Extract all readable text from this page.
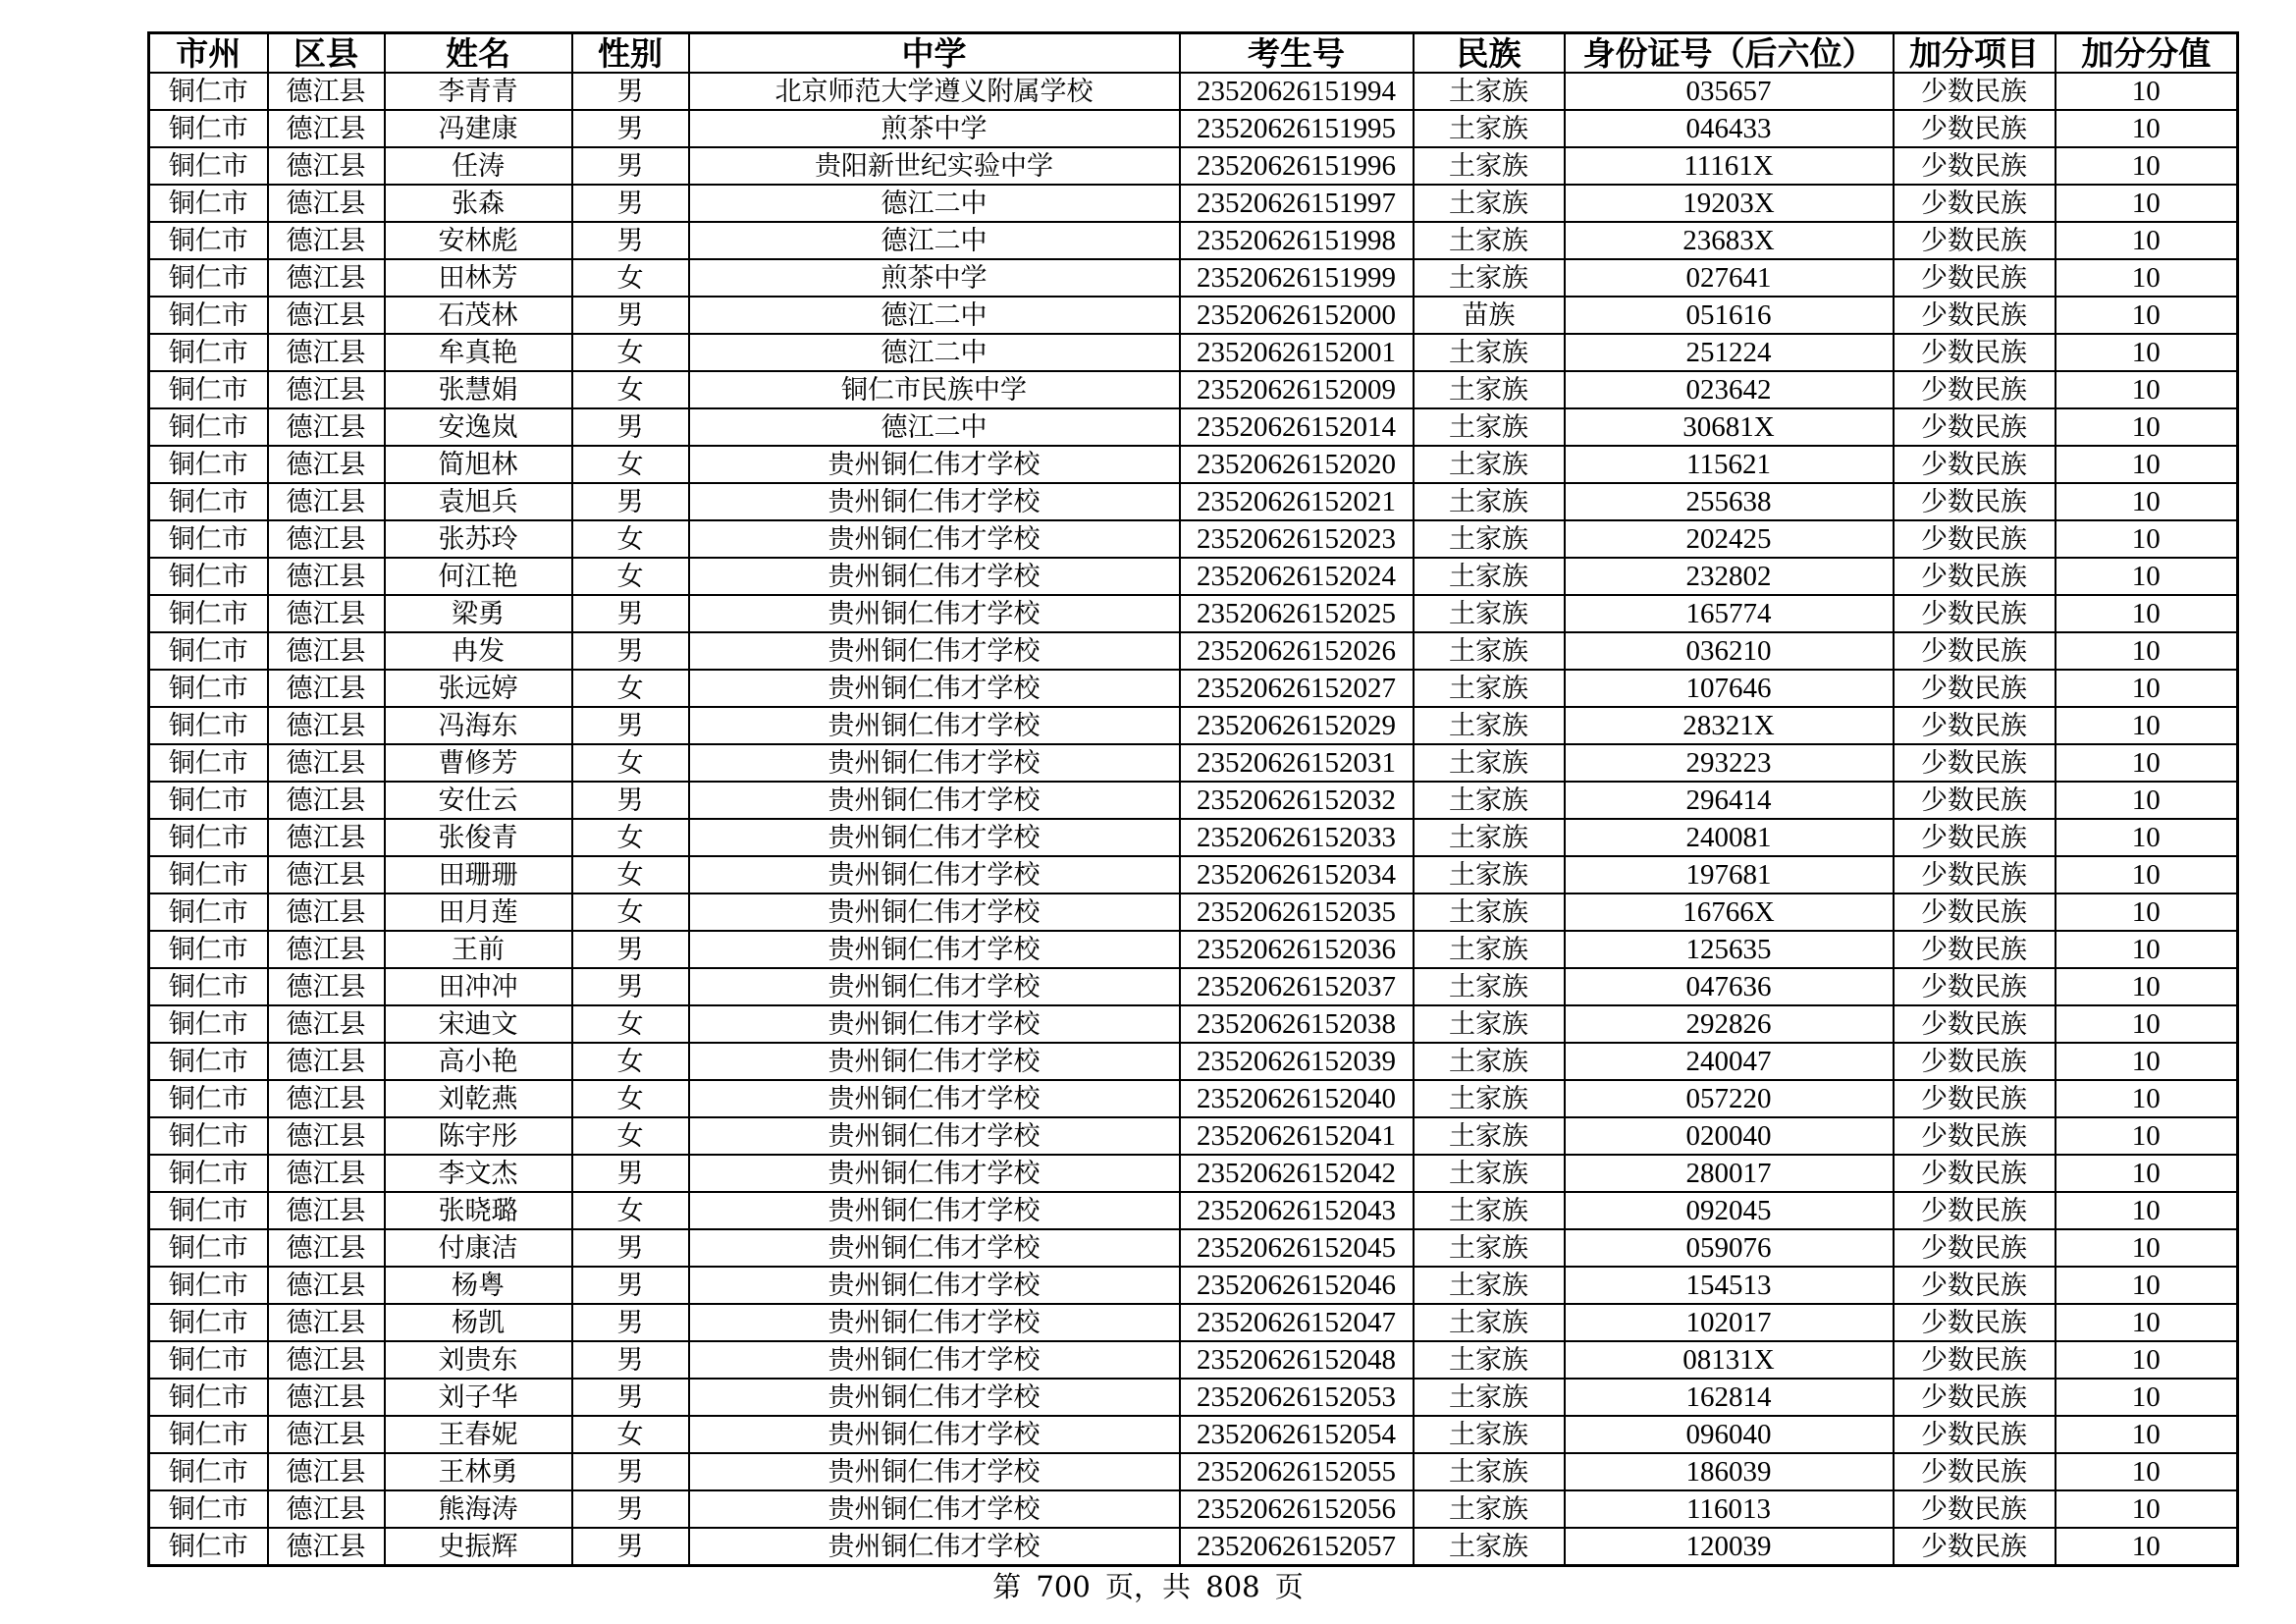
市州	区县	姓名	性别	中学	考生号	民族	身份证号（后六位）	加分项目	加分分值
铜仁市	德江县	李青青	男	北京师范大学遵义附属学校	23520626151994	土家族	035657	少数民族	10
铜仁市	德江县	冯建康	男	煎茶中学	23520626151995	土家族	046433	少数民族	10
铜仁市	德江县	任涛	男	贵阳新世纪实验中学	23520626151996	土家族	11161X	少数民族	10
铜仁市	德江县	张森	男	德江二中	23520626151997	土家族	19203X	少数民族	10
铜仁市	德江县	安林彪	男	德江二中	23520626151998	土家族	23683X	少数民族	10
铜仁市	德江县	田林芳	女	煎茶中学	23520626151999	土家族	027641	少数民族	10
铜仁市	德江县	石茂林	男	德江二中	23520626152000	苗族	051616	少数民族	10
铜仁市	德江县	牟真艳	女	德江二中	23520626152001	土家族	251224	少数民族	10
铜仁市	德江县	张慧娟	女	铜仁市民族中学	23520626152009	土家族	023642	少数民族	10
铜仁市	德江县	安逸岚	男	德江二中	23520626152014	土家族	30681X	少数民族	10
铜仁市	德江县	简旭林	女	贵州铜仁伟才学校	23520626152020	土家族	115621	少数民族	10
铜仁市	德江县	袁旭兵	男	贵州铜仁伟才学校	23520626152021	土家族	255638	少数民族	10
铜仁市	德江县	张苏玲	女	贵州铜仁伟才学校	23520626152023	土家族	202425	少数民族	10
铜仁市	德江县	何江艳	女	贵州铜仁伟才学校	23520626152024	土家族	232802	少数民族	10
铜仁市	德江县	梁勇	男	贵州铜仁伟才学校	23520626152025	土家族	165774	少数民族	10
铜仁市	德江县	冉发	男	贵州铜仁伟才学校	23520626152026	土家族	036210	少数民族	10
铜仁市	德江县	张远婷	女	贵州铜仁伟才学校	23520626152027	土家族	107646	少数民族	10
铜仁市	德江县	冯海东	男	贵州铜仁伟才学校	23520626152029	土家族	28321X	少数民族	10
铜仁市	德江县	曹修芳	女	贵州铜仁伟才学校	23520626152031	土家族	293223	少数民族	10
铜仁市	德江县	安仕云	男	贵州铜仁伟才学校	23520626152032	土家族	296414	少数民族	10
铜仁市	德江县	张俊青	女	贵州铜仁伟才学校	23520626152033	土家族	240081	少数民族	10
铜仁市	德江县	田珊珊	女	贵州铜仁伟才学校	23520626152034	土家族	197681	少数民族	10
铜仁市	德江县	田月莲	女	贵州铜仁伟才学校	23520626152035	土家族	16766X	少数民族	10
铜仁市	德江县	王前	男	贵州铜仁伟才学校	23520626152036	土家族	125635	少数民族	10
铜仁市	德江县	田冲冲	男	贵州铜仁伟才学校	23520626152037	土家族	047636	少数民族	10
铜仁市	德江县	宋迪文	女	贵州铜仁伟才学校	23520626152038	土家族	292826	少数民族	10
铜仁市	德江县	高小艳	女	贵州铜仁伟才学校	23520626152039	土家族	240047	少数民族	10
铜仁市	德江县	刘乾燕	女	贵州铜仁伟才学校	23520626152040	土家族	057220	少数民族	10
铜仁市	德江县	陈宇彤	女	贵州铜仁伟才学校	23520626152041	土家族	020040	少数民族	10
铜仁市	德江县	李文杰	男	贵州铜仁伟才学校	23520626152042	土家族	280017	少数民族	10
铜仁市	德江县	张晓璐	女	贵州铜仁伟才学校	23520626152043	土家族	092045	少数民族	10
铜仁市	德江县	付康洁	男	贵州铜仁伟才学校	23520626152045	土家族	059076	少数民族	10
铜仁市	德江县	杨粤	男	贵州铜仁伟才学校	23520626152046	土家族	154513	少数民族	10
铜仁市	德江县	杨凯	男	贵州铜仁伟才学校	23520626152047	土家族	102017	少数民族	10
铜仁市	德江县	刘贵东	男	贵州铜仁伟才学校	23520626152048	土家族	08131X	少数民族	10
铜仁市	德江县	刘子华	男	贵州铜仁伟才学校	23520626152053	土家族	162814	少数民族	10
铜仁市	德江县	王春妮	女	贵州铜仁伟才学校	23520626152054	土家族	096040	少数民族	10
铜仁市	德江县	王林勇	男	贵州铜仁伟才学校	23520626152055	土家族	186039	少数民族	10
铜仁市	德江县	熊海涛	男	贵州铜仁伟才学校	23520626152056	土家族	116013	少数民族	10
铜仁市	德江县	史振辉	男	贵州铜仁伟才学校	23520626152057	土家族	120039	少数民族	10
第 700 页，共 808 页
